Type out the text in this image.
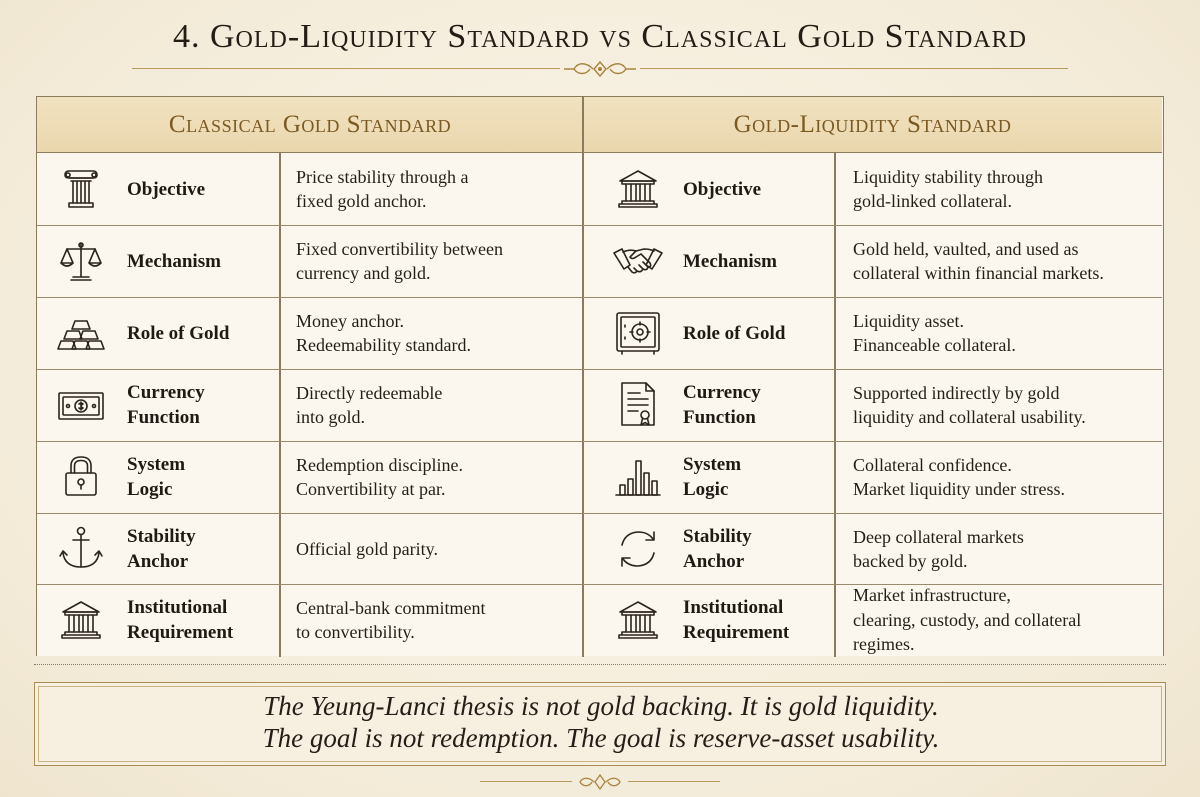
4. Gold-Liquidity Standard vs Classical Gold Standard
Classical Gold Standard	Gold-Liquidity Standard
Objective
Price stability through a
fixed gold anchor.
Mechanism
Fixed convertibility between
currency and gold.
Role of Gold
Money anchor.
Redeemability standard.
Currency
Function
Directly redeemable
into gold.
System
Logic
Redemption discipline.
Convertibility at par.
Stability
Anchor
Official gold parity.
Institutional
Requirement
Central-bank commitment
to convertibility.
Objective
Liquidity stability through
gold-linked collateral.
Mechanism
Gold held, vaulted, and used as
collateral within financial markets.
Role of Gold
Liquidity asset.
Financeable collateral.
Currency
Function
Supported indirectly by gold
liquidity and collateral usability.
System
Logic
Collateral confidence.
Market liquidity under stress.
Stability
Anchor
Deep collateral markets
backed by gold.
Institutional
Requirement
Market infrastructure,
clearing, custody, and collateral
regimes.
The Yeung-Lanci thesis is not gold backing. It is gold liquidity.
The goal is not redemption. The goal is reserve-asset usability.
